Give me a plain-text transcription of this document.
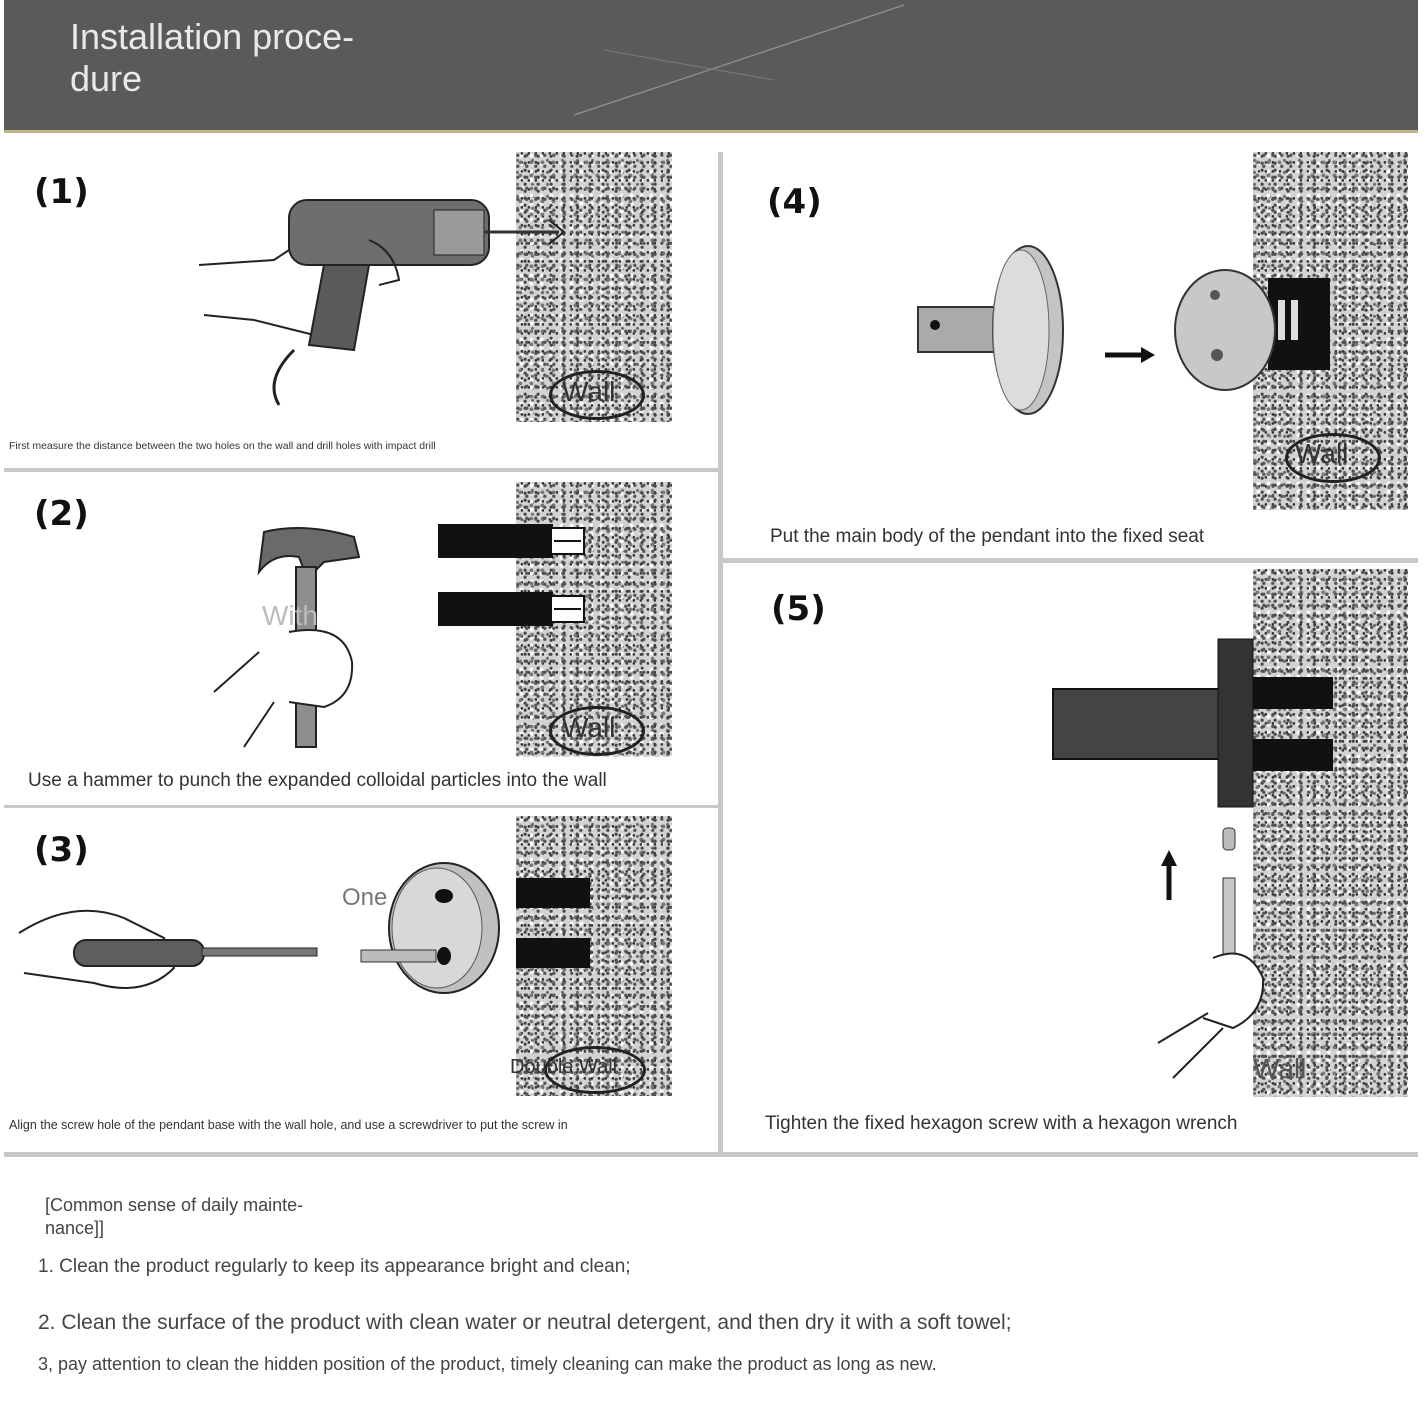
Installation proce-
dure
(1)
Wall
First measure the distance between the two holes on the wall and drill holes with impact drill
(2)
With
Wall
Use a hammer to punch the expanded colloidal particles into the wall
(3)
One
Double Wall
Align the screw hole of the pendant base with the wall hole, and use a screwdriver to put the screw in
(4)
Wall
Put the main body of the pendant into the fixed seat
(5)
Wall
Tighten the fixed hexagon screw with a hexagon wrench
[Common sense of daily mainte-
nance]]
1. Clean the product regularly to keep its appearance bright and clean;
2. Clean the surface of the product with clean water or neutral detergent, and then dry it with a soft towel;
3, pay attention to clean the hidden position of the product, timely cleaning can make the product as long as new.
